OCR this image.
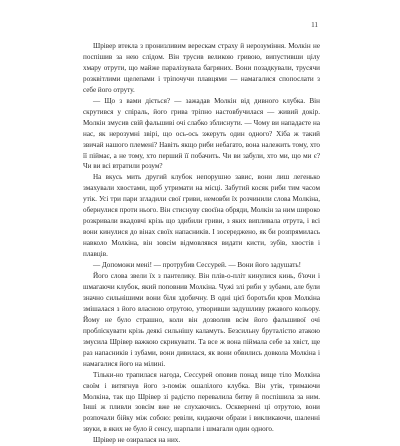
11

Шрівер втекла з пронизливим верескам страху й нерозуміння. Молкін не поспішив за нею слідом. Він трусив великою гривою, випустивши цілу хмару отрути, що майже паралізувала багряних. Вони позадкували, трусячи розквітлими щелепами і тріпочучи плавцями — намагалися спопослати з себе його отруту.

— Що з вами діється? — зажадав Молкін від дивного клубка. Він скрутився у спіраль, його грива тріпно настовбучилася — живий докір. Молкін змусив свій фальшиві очі слабко зблиснути. — Чому ви нападаєте на нас, як нерозумні звірі, що ось-ось зжеруть один одного? Хіба ж такий звичай нашого племені? Навіть якщо риби небагато, вона належить тому, хто її піймає, а не тому, хто перший її побачить. Чи ви забули, хто ми, що ми є? Чи ви всі втратили розум?

На вкусь мить другий клубок непорушно завис, вони лиш легенько змахували хвостами, щоб утримати на місці. Забутий косяк риби тим часом утік. Усі три пари згладили свої гриви, немовби їх розчинили слова Молкіна, обернулися проти нього. Він стиснуву своєїна обряди, Молкін за ним широко розкривали вкадовчі крізь що здибили гриви, з яких випливала отрута, і всі вони кинулися до вінах своїх напасників. І зосереджено, як би розпрямилась навколо Молкіна, він зовсім відмовлявся видати кисти, зубів, хвостів і плавців.

— Допоможи мені! — протрубив Сессурей. — Вони його задушать!

Його слова звели їх з пантелику. Він плів-о-пліт кинулися кинь, б'ючи і шмагаючи клубок, який поповнив Молкіна. Чужі злі риби у зубами, але були значно сильнішими вони біля здобичну. В одні цієї боротьби кров Молкіна змішалася з його власною отрутою, утворивши задушливу ржавого кольору. Йому не було страшно, коли він дозволив всім його фальшивої очі пробліскувати крізь деякі сильнішу каламуть. Безсильну бруталістю атакою змусила Шрівер важкою скрикувати. Та все ж вона піймала себе за хвіст, ще раз напасників і зубами, вони дивилася, як вони обвились довкола Молкіна і намагалися його на мілині.

Тільки-но трапилася нагода, Сессурей оповив понад вище тіло Молкіна своїм і витягнув його з-поміж ошалілого клубка. Він утік, тримаючи Молкіна, так що Шрівер зі радістю перевалила битву й поспішила за ним. Інші ж пливли зовсім вже не слухаючись. Осквернені ці отрутою, вони розпочали бійку між собою: ревіли, кидаючи образи і викликаючи, шаленні звуки, в яких не було й сенсу, шарпали і шмагали один одного.

Шрівер не озиралася на них.
